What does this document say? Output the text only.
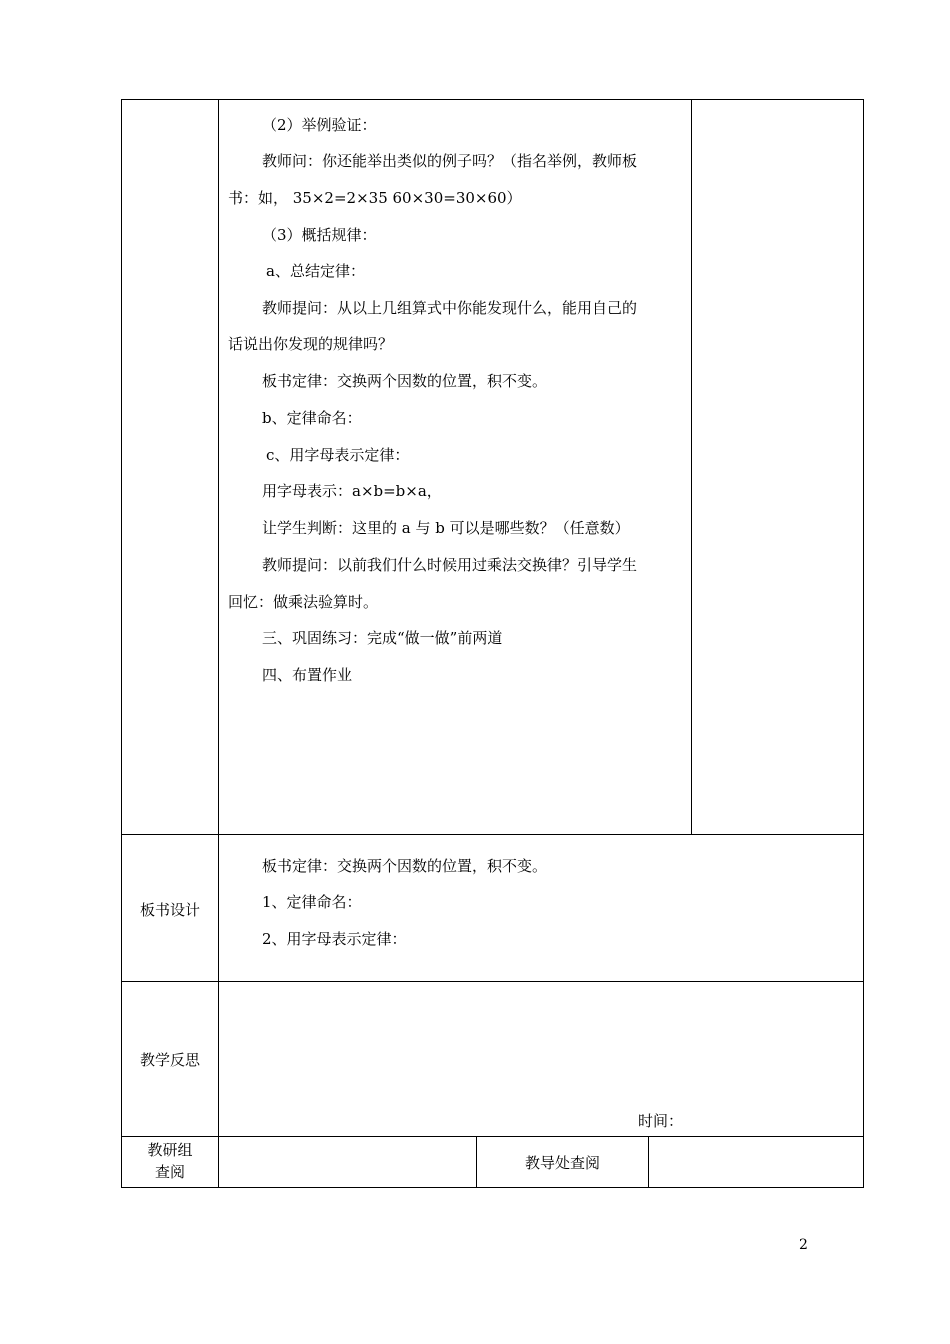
（2）举例验证：
教师问：你还能举出类似的例子吗？（指名举例，教师板
书：如， 35×2=2×35 60×30=30×60）
（3）概括规律：
a、总结定律：
教师提问：从以上几组算式中你能发现什么，能用自己的
话说出你发现的规律吗？
板书定律：交换两个因数的位置，积不变。
b、定律命名：
c、用字母表示定律：
用字母表示：a×b=b×a，
让学生判断：这里的 a 与 b 可以是哪些数？（任意数）
教师提问：以前我们什么时候用过乘法交换律？引导学生
回忆：做乘法验算时。
三、巩固练习：完成“做一做”前两道
四、布置作业
板书设计
板书定律：交换两个因数的位置，积不变。
1、定律命名：
2、用字母表示定律：
教学反思
时间：
教研组
查阅	教导处查阅
2
